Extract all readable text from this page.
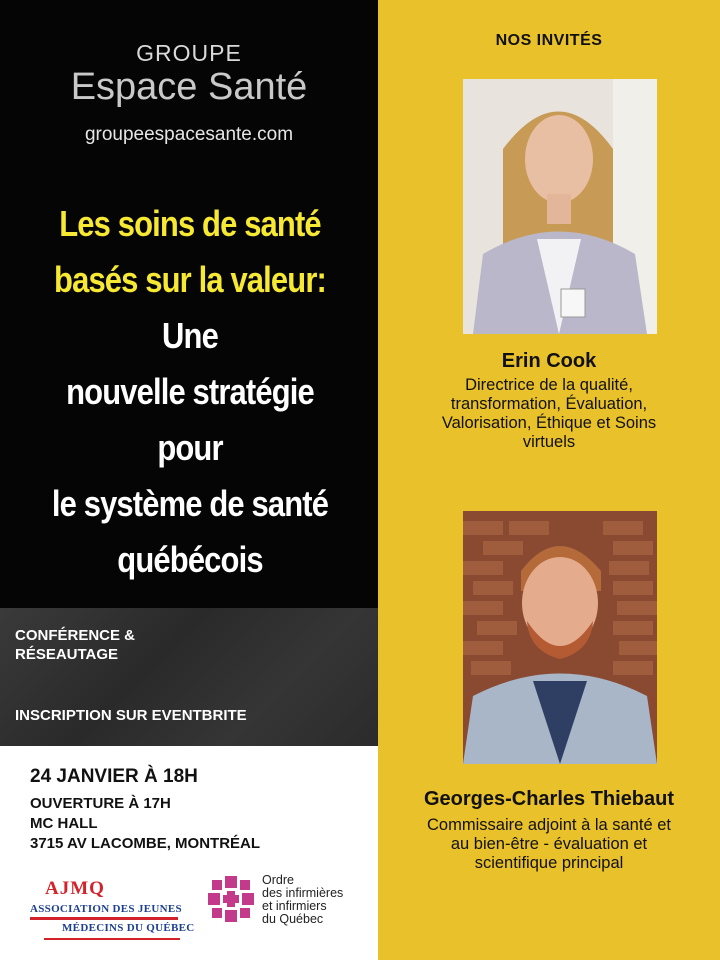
GROUPE
Espace Santé
groupeespacesante.com
Les soins de santé
basés sur la valeur: Une
nouvelle stratégie pour
le système de santé
québécois
CONFÉRENCE &
RÉSEAUTAGE
INSCRIPTION SUR EVENTBRITE
24 JANVIER À 18H
OUVERTURE À 17H
MC HALL
3715 AV LACOMBE, MONTRÉAL
AJMQ
ASSOCIATION DES JEUNES
MÉDECINS DU QUÉBEC
Ordre
des infirmières
et infirmiers
du Québec
NOS INVITÉS
Erin Cook
Directrice de la qualité,
transformation, Évaluation,
Valorisation, Éthique et Soins
virtuels
Georges-Charles Thiebaut
Commissaire adjoint à la santé et
au bien-être - évaluation et
scientifique principal
